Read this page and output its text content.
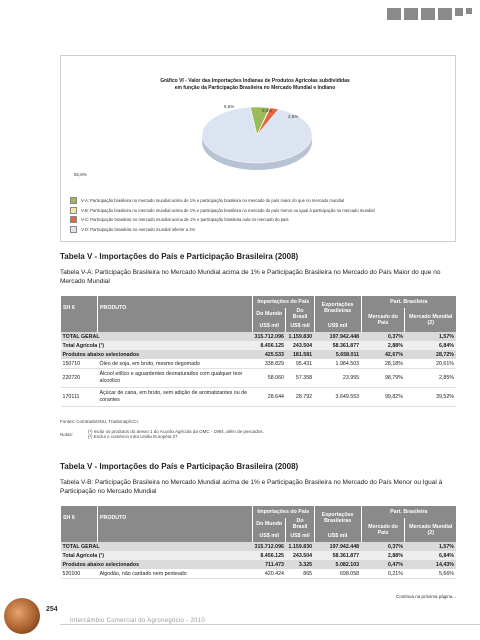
Gráfico VI - Valor das Importações Indianas de Produtos Agrícolas subdivididas
em função da Participação Brasileira no Mercado Mundial e Indiano
5,6%
0,3%
2,5%
92,8%
V-A: Participação brasileira no mercado mundial acima de 1% e participação brasileira no mercado do país maior do que no mercado mundial
V-B: Participação brasileira no mercado mundial acima de 1% e participação brasileira no mercado do país menor ou igual à participação no mercado mundial
V-C: Participação brasileira no mercado mundial acima de 1% e participação brasileira nula no mercado do país
V-D: Participação brasileira no mercado mundial inferior a 1%
Tabela V - Importações do País e Participação Brasileira (2008)
Tabela V-A: Participação Brasileira no Mercado Mundial acima de 1% e Participação Brasileira no Mercado do País Maior do que no Mercado Mundial
SH 6	PRODUTO	Importações do País		Exportações Brasileiras	Part. Brasileira	
		Do Mundo	Do Brasil		Mercado do País	Mercado Mundial (2)
		US$ mil	US$ mil	US$ mil		
TOTAL GERAL		315.712.096	1.159.830	197.942.448	0,37%	1,57%
Total Agrícola (¹)		8.456.125	243.504	58.361.877	2,88%	6,84%
Produtos abaixo selecionados		425.533	181.581	5.658.011	42,67%	28,72%
150710	Óleo de soja, em bruto, mesmo degomado	338.829	95.431	1.984.503	28,18%	20,61%
220720	Álcool etílico e aguardentes desnaturados com qualquer teor alcoólico	58.060	57.358	23.955	98,79%	2,85%
170111	Açúcar de cana, em bruto, sem adição de aromatizantes ou de corantes	28.644	28.792	3.649.553	99,82%	39,52%
Fontes: ComtradeONU, Trademap/CCI.
Notas:
(¹) Inclui os produtos do anexo 1 do Acordo Agrícola da OMC - 1994, além de pescados.
(²) Exclui o comércio intra União Européia 27.
Tabela V - Importações do País e Participação Brasileira (2008)
Tabela V-B: Participação Brasileira no Mercado Mundial acima de 1% e Participação Brasileira no Mercado do País Menor ou Igual à Participação no Mercado Mundial
SH 6	PRODUTO	Importações do País		Exportações Brasileiras	Part. Brasileira	
		Do Mundo	Do Brasil		Mercado do País	Mercado Mundial (2)
		US$ mil	US$ mil	US$ mil		
TOTAL GERAL		315.712.096	1.159.830	197.942.448	0,37%	1,57%
Total Agrícola (¹)		8.456.125	243.504	58.361.877	2,88%	6,84%
Produtos abaixo selecionados		711.473	3.325	5.082.103	0,47%	14,43%
520100	Algodão, não cardado nem penteado	420.424	865	698.058	0,21%	5,66%
Continua na próxima página...
254
Intercâmbio Comercial do Agronegócio - 2010
